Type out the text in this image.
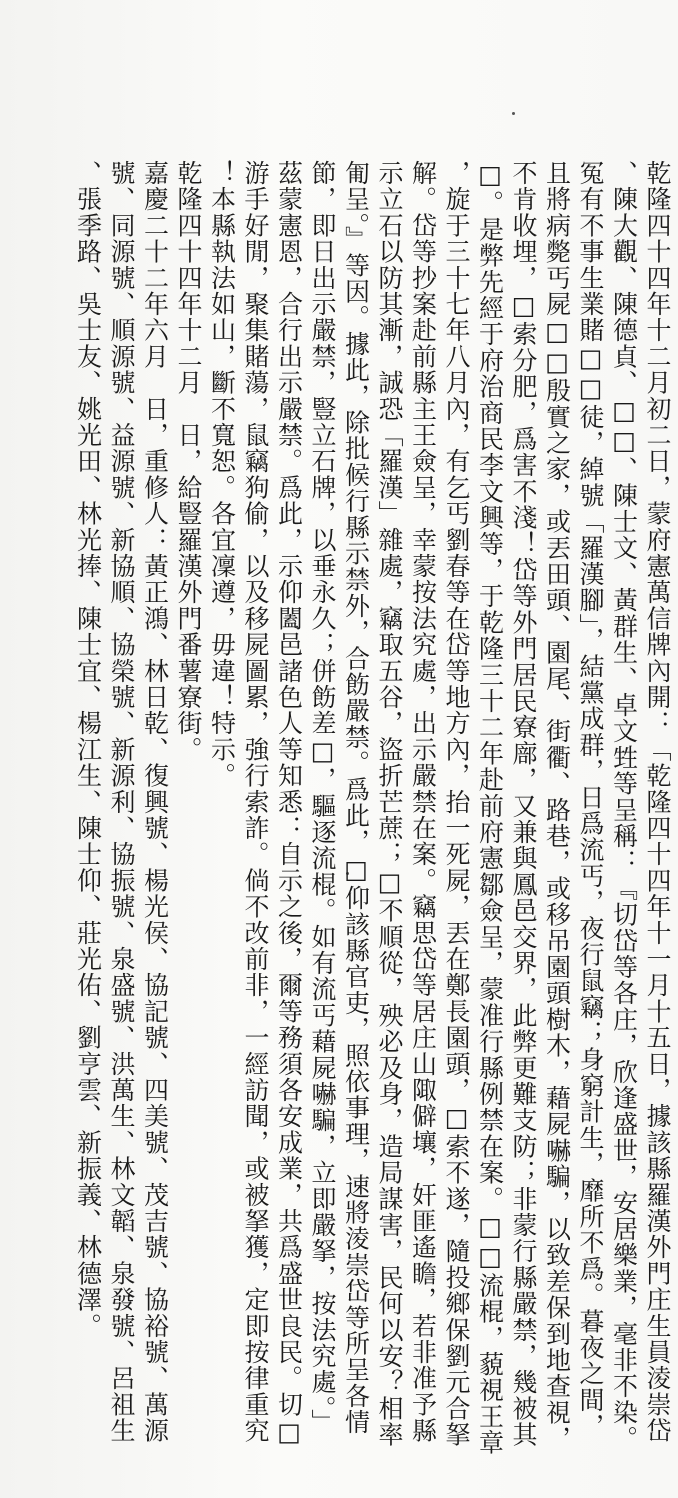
乾隆四十四年十二月初二日，蒙府憲萬信牌內開：「乾隆四十四年十一月十五日，據該縣羅漢外門庄生員淩崇岱
、陳大觀、陳德貞、□□、陳士文、黃群生、卓文甡等呈稱：『切岱等各庄，欣逢盛世，安居樂業，毫非不染。
冤有不事生業賭□□徒，綽號「羅漢腳」，結黨成群，日爲流丐，夜行鼠竊；身窮計生，靡所不爲。暮夜之間，
且將病斃丐屍□□殷實之家，或丟田頭、園尾、街衢、路巷，或移吊園頭樹木，藉屍嚇騙，以致差保到地查視，
不肯收埋，□索分肥，爲害不淺！岱等外門居民寮廍，又兼與鳳邑交界，此弊更難支防；非蒙行縣嚴禁，幾被其
□。是弊先經于府治商民李文興等，于乾隆三十二年赴前府憲鄒僉呈，蒙准行縣例禁在案。□□流棍，藐視王章
，旋于三十七年八月內，有乞丐劉春等在岱等地方內，抬一死屍，丟在鄭長園頭，□索不遂，隨投鄉保劉元合拏
解。岱等抄案赴前縣主王僉呈，幸蒙按法究處，出示嚴禁在案。竊思岱等居庄山陬僻壤，奸匪遙瞻，若非准予縣
示立石以防其漸，誠恐「羅漢」雜處，竊取五谷，盜折芒蔗；□不順從，殃必及身，造局謀害，民何以安？相率
匍呈。』等因。據此，除批候行縣示禁外，合飭嚴禁。爲此，□仰該縣官吏，照依事理，速將淩崇岱等所呈各情
節，即日出示嚴禁，豎立石牌，以垂永久；併飭差□，驅逐流棍。如有流丐藉屍嚇騙，立即嚴拏，按法究處。」
茲蒙憲恩，合行出示嚴禁。爲此，示仰闔邑諸色人等知悉：自示之後，爾等務須各安成業，共爲盛世良民。切□
游手好閒，聚集賭蕩，鼠竊狗偷，以及移屍圖累，強行索詐。倘不改前非，一經訪聞，或被拏獲，定即按律重究
！本縣執法如山，斷不寬恕。各宜凜遵，毋違！特示。
乾隆四十四年十二月　日，給豎羅漢外門番薯寮街。
嘉慶二十二年六月　日，重修人：黃正鴻、林日乾、復興號、楊光侯、協記號、四美號、茂吉號、協裕號、萬源
號、同源號、順源號、益源號、新協順、協榮號、新源利、協振號、泉盛號、洪萬生、林文韜、泉發號、呂祖生
、張季路、吳士友、姚光田、林光捧、陳士宜、楊江生、陳士仰、莊光佑、劉亨雲、新振義、林德澤。
